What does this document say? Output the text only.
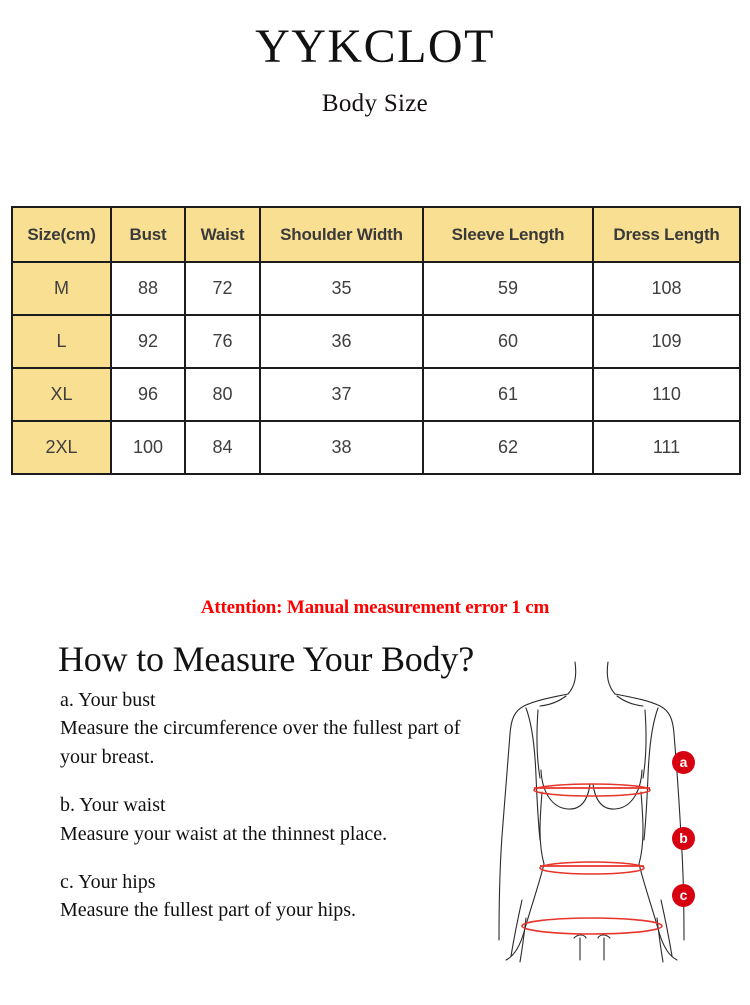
YYKCLOT
Body Size
Size(cm)	Bust	Waist	Shoulder Width	Sleeve Length	Dress Length
M	88	72	35	59	108
L	92	76	36	60	109
XL	96	80	37	61	110
2XL	100	84	38	62	111
Attention: Manual measurement error 1 cm
How to Measure Your Body?
a. Your bust
Measure the circumference over the fullest part of your breast.
b. Your waist
Measure your waist at the thinnest place.
c. Your hips
Measure the fullest part of your hips.
a
b
c
